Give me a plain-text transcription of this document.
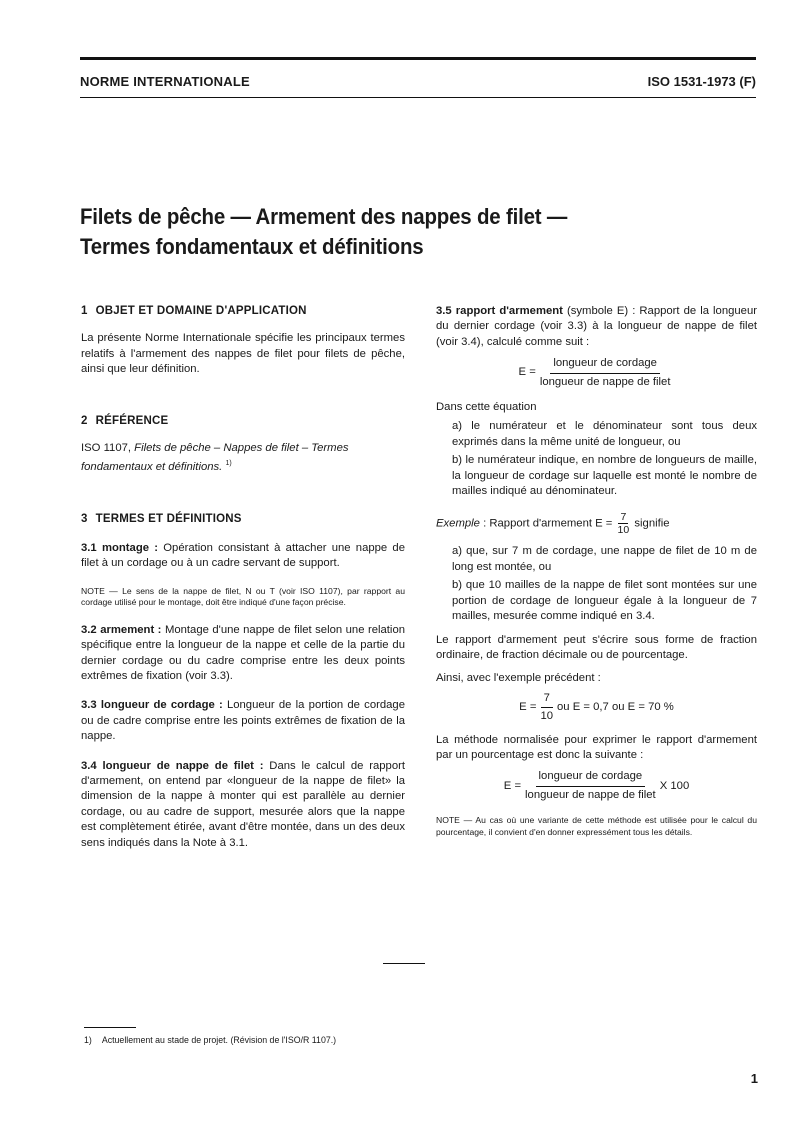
NORME INTERNATIONALE	ISO 1531-1973 (F)
Filets de pêche — Armement des nappes de filet —
Termes fondamentaux et définitions
1 OBJET ET DOMAINE D'APPLICATION

La présente Norme Internationale spécifie les principaux termes relatifs à l'armement des nappes de filet pour filets de pêche, ainsi que leur définition.

2 RÉFÉRENCE

ISO 1107, Filets de pêche – Nappes de filet – Termes fondamentaux et définitions. $^{1)}$

3 TERMES ET DÉFINITIONS

3.1 montage : Opération consistant à attacher une nappe de filet à un cordage ou à un cadre servant de support.

NOTE — Le sens de la nappe de filet, N ou T (voir ISO 1107), par rapport au cordage utilisé pour le montage, doit être indiqué d'une façon précise.

3.2 armement : Montage d'une nappe de filet selon une relation spécifique entre la longueur de la nappe et celle de la partie du dernier cordage ou du cadre comprise entre les deux points extrêmes de fixation (voir 3.3).

3.3 longueur de cordage : Longueur de la portion de cordage ou de cadre comprise entre les points extrêmes de fixation de la nappe.

3.4 longueur de nappe de filet : Dans le calcul de rapport d'armement, on entend par «longueur de la nappe de filet» la dimension de la nappe à monter qui est parallèle au dernier cordage, ou au cadre de support, mesurée alors que la nappe est complètement étirée, avant d'être montée, dans un des deux sens indiqués dans la Note à 3.1.

3.5 rapport d'armement (symbole E) : Rapport de la longueur du dernier cordage (voir 3.3) à la longueur de nappe de filet (voir 3.4), calculé comme suit :

$E = \frac{\text{longueur de cordage}}{\text{longueur de nappe de filet}}$

Dans cette équation

a) le numérateur et le dénominateur sont tous deux exprimés dans la même unité de longueur, ou

b) le numérateur indique, en nombre de longueurs de maille, la longueur de cordage sur laquelle est monté le nombre de mailles indiqué au dénominateur.

Exemple : Rapport d'armement $E = \frac{7}{10}$ signifie

a) que, sur 7 m de cordage, une nappe de filet de 10 m de long est montée, ou

b) que 10 mailles de la nappe de filet sont montées sur une portion de cordage de longueur égale à la longueur de 7 mailles, mesurée comme indiqué en 3.4.

Le rapport d'armement peut s'écrire sous forme de fraction ordinaire, de fraction décimale ou de pourcentage.

Ainsi, avec l'exemple précédent :

$E = \frac{7}{10}$ ou E = 0,7 ou E = 70 %

La méthode normalisée pour exprimer le rapport d'armement par un pourcentage est donc la suivante :

$E = \frac{\text{longueur de cordage}}{\text{longueur de nappe de filet}}$ X 100

NOTE — Au cas où une variante de cette méthode est utilisée pour le calcul du pourcentage, il convient d'en donner expressément tous les détails.

1) Actuellement au stade de projet. (Révision de l'ISO/R 1107.)
1
